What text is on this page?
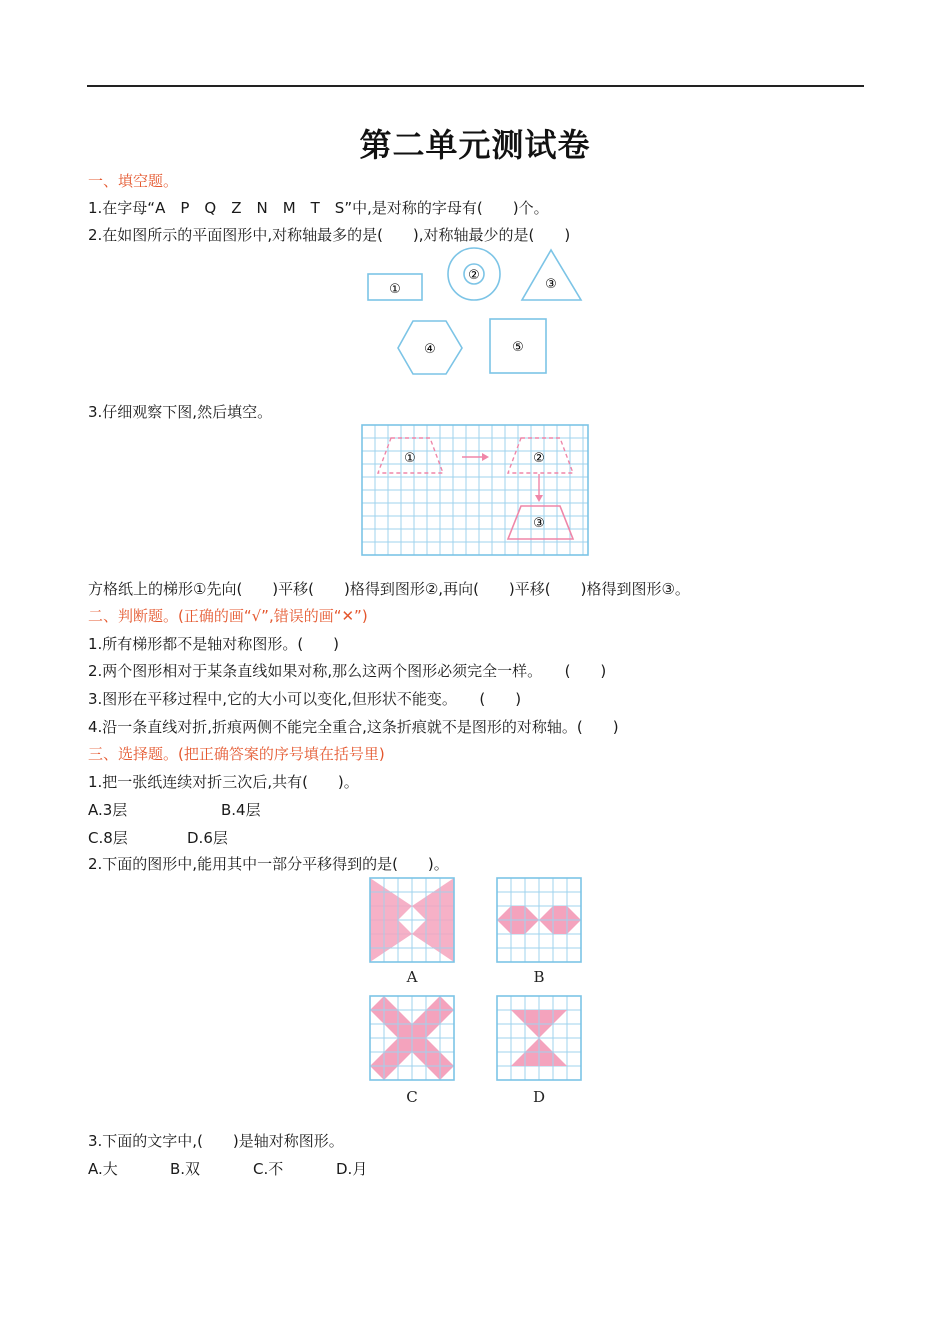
第二单元测试卷
一、填空题。
1.在字母“A　P　Q　Z　N　M　T　S”中,是对称的字母有(　　)个。
2.在如图所示的平面图形中,对称轴最多的是(　　),对称轴最少的是(　　)
①
②
③
④	⑤
3.仔细观察下图,然后填空。
①	②
③
方格纸上的梯形①先向(　　)平移(　　)格得到图形②,再向(　　)平移(　　)格得到图形③。
二、判断题。(正确的画“√”,错误的画“✕”)
1.所有梯形都不是轴对称图形。(　　)
2.两个图形相对于某条直线如果对称,那么这两个图形必须完全一样。　　(　　)
3.图形在平移过程中,它的大小可以变化,但形状不能变。　　(　　)
4.沿一条直线对折,折痕两侧不能完全重合,这条折痕就不是图形的对称轴。(　　)
三、选择题。(把正确答案的序号填在括号里)
1.把一张纸连续对折三次后,共有(　　)。
A.3层	B.4层
C.8层	D.6层
2.下面的图形中,能用其中一部分平移得到的是(　　)。
A	B
C	D
3.下面的文字中,(　　)是轴对称图形。
A.大	B.双	C.不	D.月
